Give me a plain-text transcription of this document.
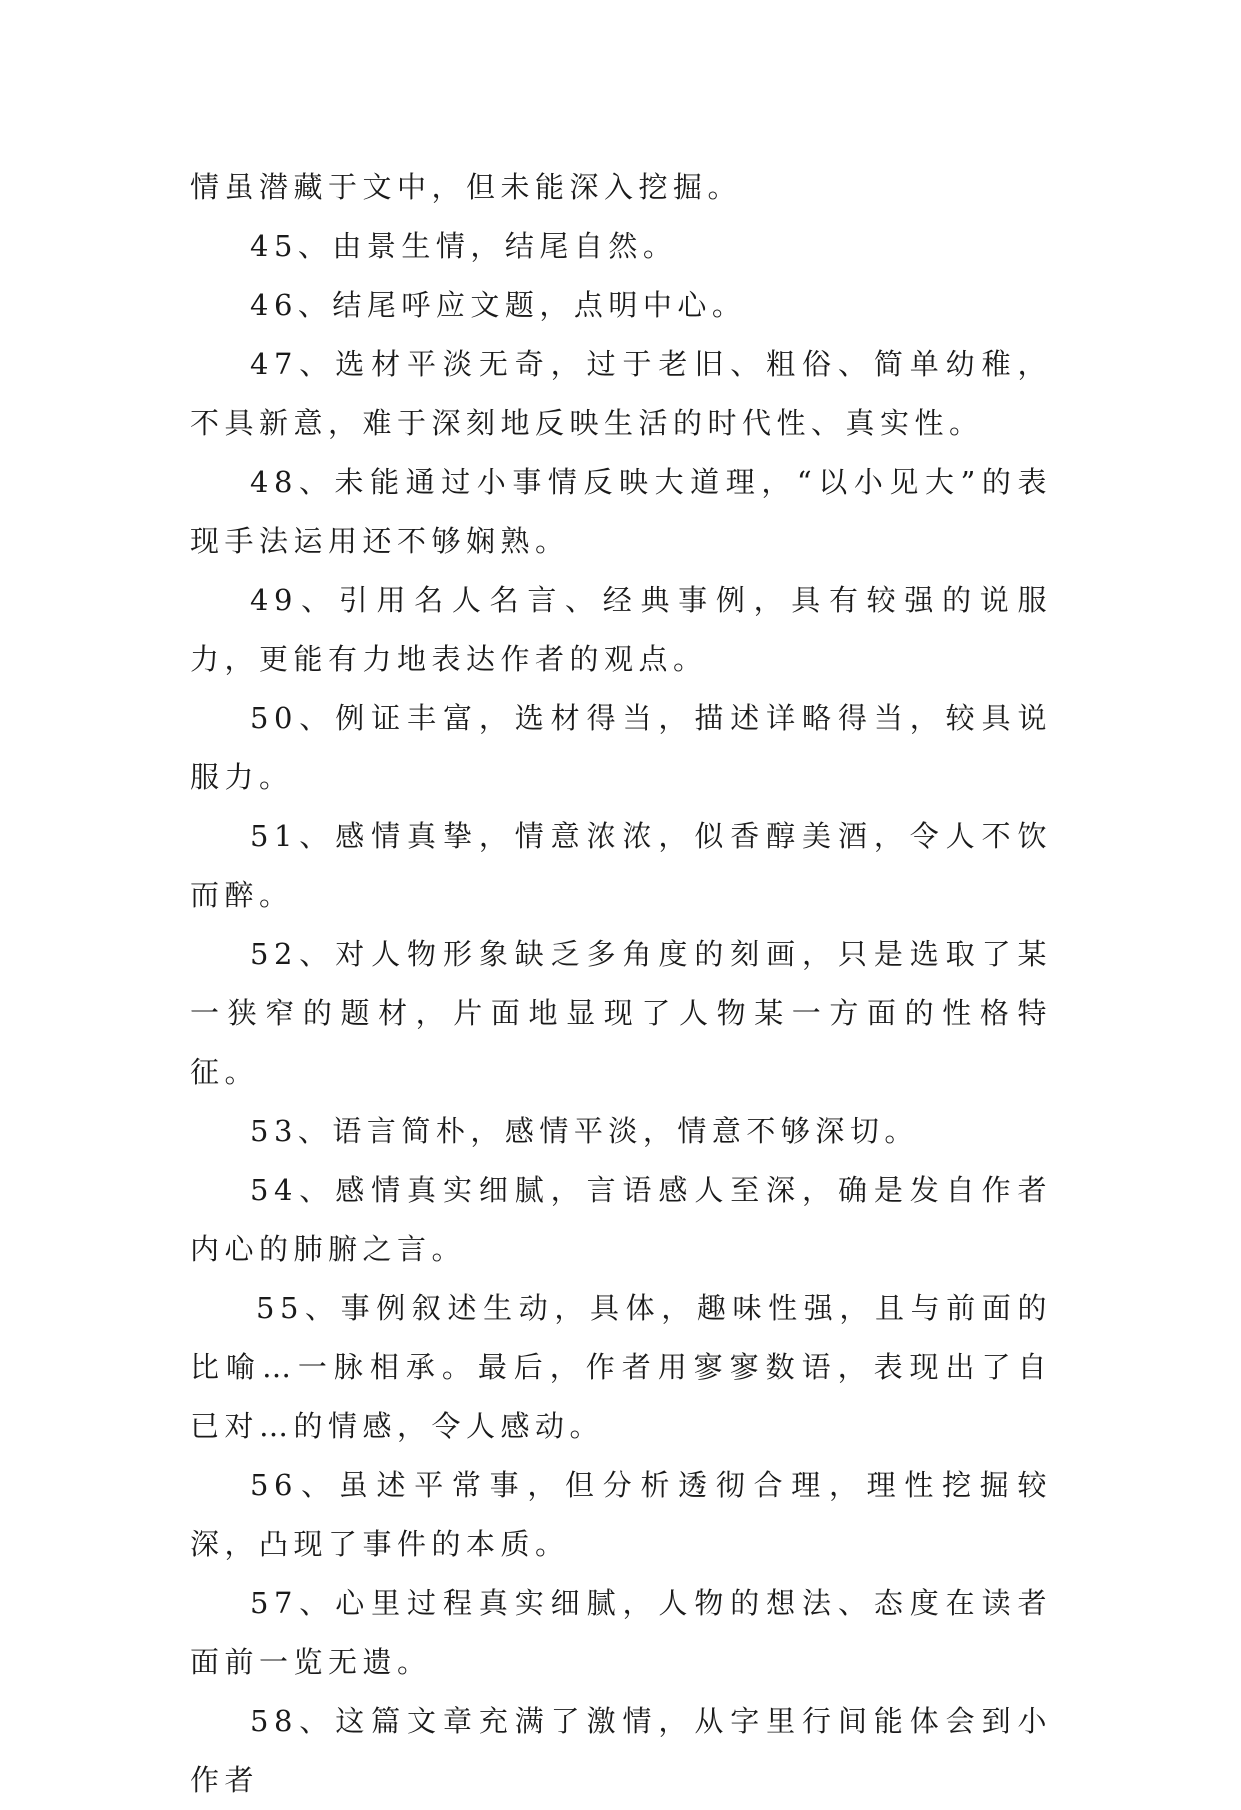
情虽潜藏于文中，但未能深入挖掘。

45、由景生情，结尾自然。

46、结尾呼应文题，点明中心。

47、选材平淡无奇，过于老旧、粗俗、简单幼稚，不具新意，难于深刻地反映生活的时代性、真实性。

48、未能通过小事情反映大道理，“以小见大”的表现手法运用还不够娴熟。

49、引用名人名言、经典事例，具有较强的说服力，更能有力地表达作者的观点。

50、例证丰富，选材得当，描述详略得当，较具说服力。

51、感情真挚，情意浓浓，似香醇美酒，令人不饮而醉。

52、对人物形象缺乏多角度的刻画，只是选取了某一狭窄的题材，片面地显现了人物某一方面的性格特征。

53、语言简朴，感情平淡，情意不够深切。

54、感情真实细腻，言语感人至深，确是发自作者内心的肺腑之言。

55、事例叙述生动，具体，趣味性强，且与前面的比喻…一脉相承。最后，作者用寥寥数语，表现出了自已对…的情感，令人感动。

56、虽述平常事，但分析透彻合理，理性挖掘较深，凸现了事件的本质。

57、心里过程真实细腻，人物的想法、态度在读者面前一览无遗。

58、这篇文章充满了激情，从字里行间能体会到小作者
